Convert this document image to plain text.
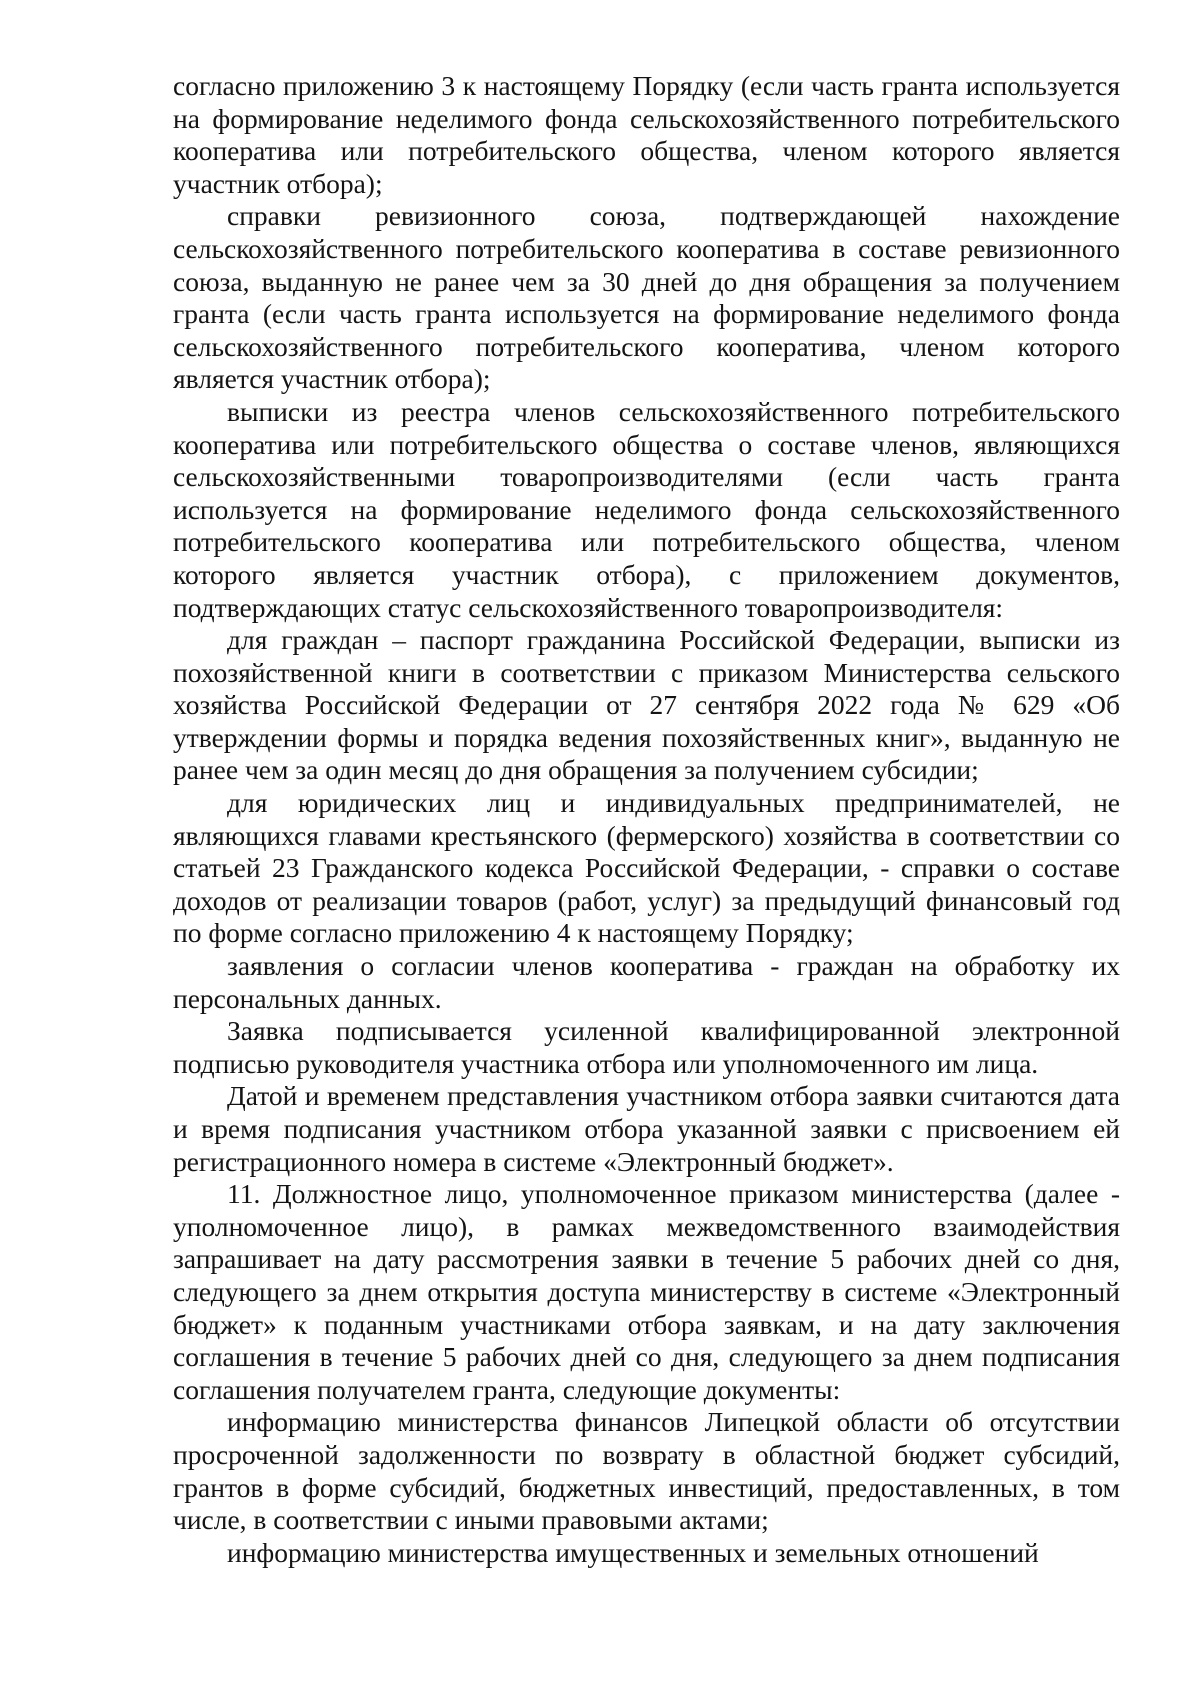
согласно приложению 3 к настоящему Порядку (если часть гранта используется на формирование неделимого фонда сельскохозяйственного потребительского кооператива или потребительского общества, членом которого является участник отбора);

справки ревизионного союза, подтверждающей нахождение сельскохозяйственного потребительского кооператива в составе ревизионного союза, выданную не ранее чем за 30 дней до дня обращения за получением гранта (если часть гранта используется на формирование неделимого фонда сельскохозяйственного потребительского кооператива, членом которого является участник отбора);

выписки из реестра членов сельскохозяйственного потребительского кооператива или потребительского общества о составе членов, являющихся сельскохозяйственными товаропроизводителями (если часть гранта используется на формирование неделимого фонда сельскохозяйственного потребительского кооператива или потребительского общества, членом которого является участник отбора), с приложением документов, подтверждающих статус сельскохозяйственного товаропроизводителя:

для граждан – паспорт гражданина Российской Федерации, выписки из похозяйственной книги в соответствии с приказом Министерства сельского хозяйства Российской Федерации от 27 сентября 2022 года № 629 «Об утверждении формы и порядка ведения похозяйственных книг», выданную не ранее чем за один месяц до дня обращения за получением субсидии;

для юридических лиц и индивидуальных предпринимателей, не являющихся главами крестьянского (фермерского) хозяйства в соответствии со статьей 23 Гражданского кодекса Российской Федерации, - справки о составе доходов от реализации товаров (работ, услуг) за предыдущий финансовый год по форме согласно приложению 4 к настоящему Порядку;

заявления о согласии членов кооператива - граждан на обработку их персональных данных.

Заявка подписывается усиленной квалифицированной электронной подписью руководителя участника отбора или уполномоченного им лица.

Датой и временем представления участником отбора заявки считаются дата и время подписания участником отбора указанной заявки с присвоением ей регистрационного номера в системе «Электронный бюджет».

11. Должностное лицо, уполномоченное приказом министерства (далее - уполномоченное лицо), в рамках межведомственного взаимодействия запрашивает на дату рассмотрения заявки в течение 5 рабочих дней со дня, следующего за днем открытия доступа министерству в системе «Электронный бюджет» к поданным участниками отбора заявкам, и на дату заключения соглашения в течение 5 рабочих дней со дня, следующего за днем подписания соглашения получателем гранта, следующие документы:

информацию министерства финансов Липецкой области об отсутствии просроченной задолженности по возврату в областной бюджет субсидий, грантов в форме субсидий, бюджетных инвестиций, предоставленных, в том числе, в соответствии с иными правовыми актами;

информацию министерства имущественных и земельных отношений
